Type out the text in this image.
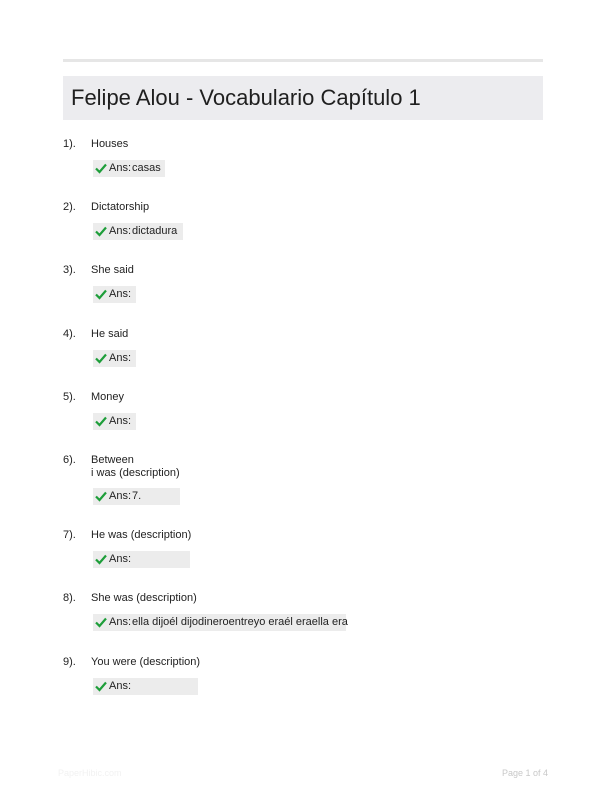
Felipe Alou - Vocabulario Capítulo 1
1). Houses
Ans: casas
2). Dictatorship
Ans: dictadura
3). She said
Ans:
4). He said
Ans:
5). Money
Ans:
6). Between
i was (description)
Ans: 7.
7). He was (description)
Ans:
8). She was (description)
Ans: ella dijoél dijodineroentreyo eraél eraella era
9). You were (description)
Ans:
PaperHibic.com	Page 1 of 4
